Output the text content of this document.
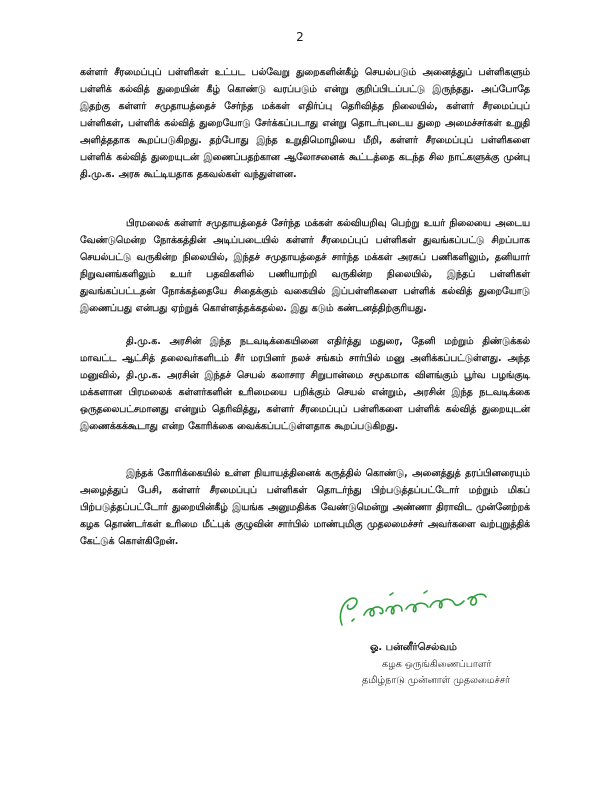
2

கள்ளர் சீரமைப்புப் பள்ளிகள் உட்பட பல்வேறு துறைகளின்கீழ் செயல்படும் அனைத்துப் பள்ளிகளும் பள்ளிக் கல்வித் துறையின் கீழ் கொண்டு வரப்படும் என்று குறிப்பிடப்பட்டு இருந்தது. அப்போதே இதற்கு கள்ளர் சமுதாயத்தைச் சேர்ந்த மக்கள் எதிர்ப்பு தெரிவித்த நிலையில், கள்ளர் சீரமைப்புப் பள்ளிகள், பள்ளிக் கல்வித் துறையோடு சேர்க்கப்படாது என்று தொடர்புடைய துறை அமைச்சர்கள் உறுதி அளித்ததாக கூறப்படுகிறது. தற்போது இந்த உறுதிமொழியை மீறி, கள்ளர் சீரமைப்புப் பள்ளிகளை பள்ளிக் கல்வித் துறையுடன் இணைப்பதற்கான ஆலோசனைக் கூட்டத்தை கடந்த சில நாட்களுக்கு முன்பு தி.மு.க. அரசு கூட்டியதாக தகவல்கள் வந்துள்ளன.

பிரமலைக் கள்ளர் சமுதாயத்தைச் சேர்ந்த மக்கள் கல்வியறிவு பெற்று உயர் நிலையை அடைய வேண்டுமென்ற நோக்கத்தின் அடிப்படையில் கள்ளர் சீரமைப்புப் பள்ளிகள் துவங்கப்பட்டு சிறப்பாக செயல்பட்டு வருகின்ற நிலையில், இந்தச் சமுதாயத்தைச் சார்ந்த மக்கள் அரசுப் பணிகளிலும், தனியார் நிறுவனங்களிலும் உயர் பதவிகளில் பணியாற்றி வருகின்ற நிலையில், இந்தப் பள்ளிகள் துவங்கப்பட்டதன் நோக்கத்தையே சிதைக்கும் வகையில் இப்பள்ளிகளை பள்ளிக் கல்வித் துறையோடு இணைப்பது என்பது ஏற்றுக் கொள்ளத்தக்கதல்ல. இது கடும் கண்டனத்திற்குரியது.

தி.மு.க. அரசின் இந்த நடவடிக்கையினை எதிர்த்து மதுரை, தேனி மற்றும் திண்டுக்கல் மாவட்ட ஆட்சித் தலைவர்களிடம் சீர் மரபினர் நலச் சங்கம் சார்பில் மனு அளிக்கப்பட்டுள்ளது. அந்த மனுவில், தி.மு.க. அரசின் இந்தச் செயல் கலாசார சிறுபான்மை சமூகமாக விளங்கும் பூர்வ பழங்குடி மக்களான பிரமலைக் கள்ளர்களின் உரிமையை பறிக்கும் செயல் என்றும், அரசின் இந்த நடவடிக்கை ஒருதலைபட்சமானது என்றும் தெரிவித்து, கள்ளர் சீரமைப்புப் பள்ளிகளை பள்ளிக் கல்வித் துறையுடன் இணைக்கக்கூடாது என்ற கோரிக்கை வைக்கப்பட்டுள்ளதாக கூறப்படுகிறது.

இந்தக் கோரிக்கையில் உள்ள நியாயத்தினைக் கருத்தில் கொண்டு, அனைத்துத் தரப்பினரையும் அழைத்துப் பேசி, கள்ளர் சீரமைப்புப் பள்ளிகள் தொடர்ந்து பிற்படுத்தப்பட்டோர் மற்றும் மிகப் பிற்படுத்தப்பட்டோர் துறையின்கீழ் இயங்க அனுமதிக்க வேண்டுமென்று அண்ணா திராவிட முன்னேற்றக் கழக தொண்டர்கள் உரிமை மீட்புக் குழுவின் சார்பில் மாண்புமிகு முதலமைச்சர் அவர்களை வற்புறுத்திக் கேட்டுக் கொள்கிறேன்.

ஓ. பன்னீர்செல்வம்
கழக ஒருங்கிணைப்பாளர்
தமிழ்நாடு முன்னாள் முதலமைச்சர்
